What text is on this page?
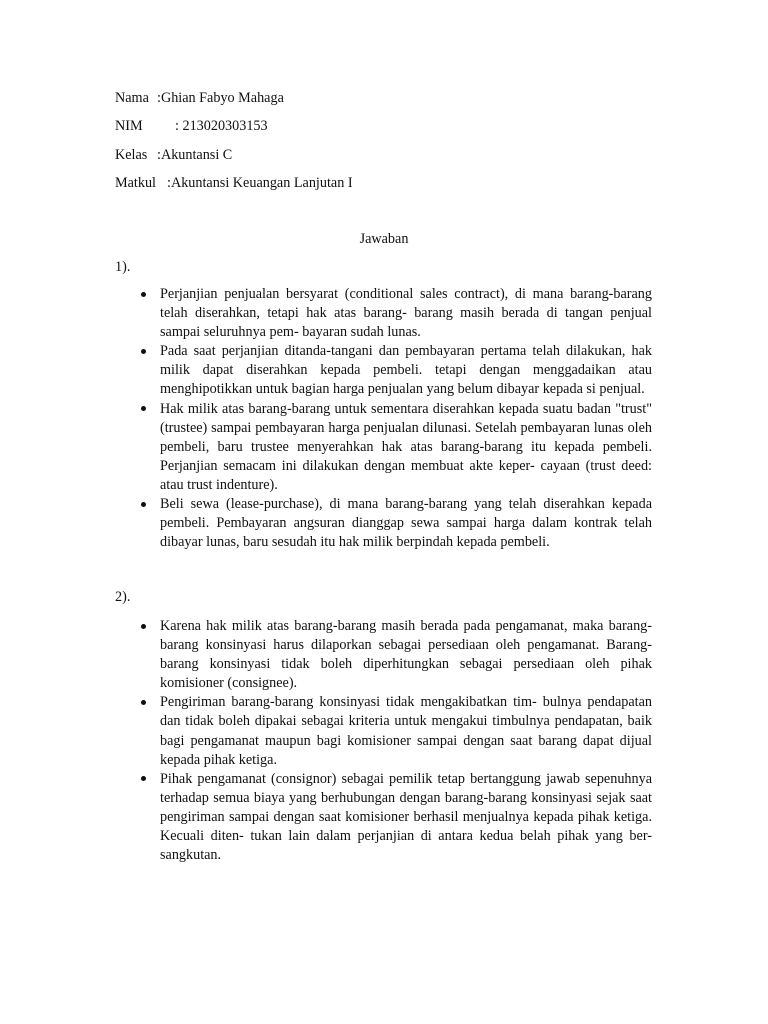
Nama :Ghian Fabyo Mahaga
NIM : 213020303153
Kelas :Akuntansi C
Matkul :Akuntansi Keuangan Lanjutan I
Jawaban
1).
Perjanjian penjualan bersyarat (conditional sales contract), di mana barang-barang telah diserahkan, tetapi hak atas barang- barang masih berada di tangan penjual sampai seluruhnya pem- bayaran sudah lunas.
Pada saat perjanjian ditanda-tangani dan pembayaran pertama telah dilakukan, hak milik dapat diserahkan kepada pembeli. tetapi dengan menggadaikan atau menghipotikkan untuk bagian harga penjualan yang belum dibayar kepada si penjual.
Hak milik atas barang-barang untuk sementara diserahkan kepada suatu badan "trust" (trustee) sampai pembayaran harga penjualan dilunasi. Setelah pembayaran lunas oleh pembeli, baru trustee menyerahkan hak atas barang-barang itu kepada pembeli. Perjanjian semacam ini dilakukan dengan membuat akte keper- cayaan (trust deed: atau trust indenture).
Beli sewa (lease-purchase), di mana barang-barang yang telah diserahkan kepada pembeli. Pembayaran angsuran dianggap sewa sampai harga dalam kontrak telah dibayar lunas, baru sesudah itu hak milik berpindah kepada pembeli.
2).
Karena hak milik atas barang-barang masih berada pada pengamanat, maka barang-barang konsinyasi harus dilaporkan sebagai persediaan oleh pengamanat. Barang-barang konsinyasi tidak boleh diperhitungkan sebagai persediaan oleh pihak komisioner (consignee).
Pengiriman barang-barang konsinyasi tidak mengakibatkan tim- bulnya pendapatan dan tidak boleh dipakai sebagai kriteria untuk mengakui timbulnya pendapatan, baik bagi pengamanat maupun bagi komisioner sampai dengan saat barang dapat dijual kepada pihak ketiga.
Pihak pengamanat (consignor) sebagai pemilik tetap bertanggung jawab sepenuhnya terhadap semua biaya yang berhubungan dengan barang-barang konsinyasi sejak saat pengiriman sampai dengan saat komisioner berhasil menjualnya kepada pihak ketiga. Kecuali diten- tukan lain dalam perjanjian di antara kedua belah pihak yang ber- sangkutan.
